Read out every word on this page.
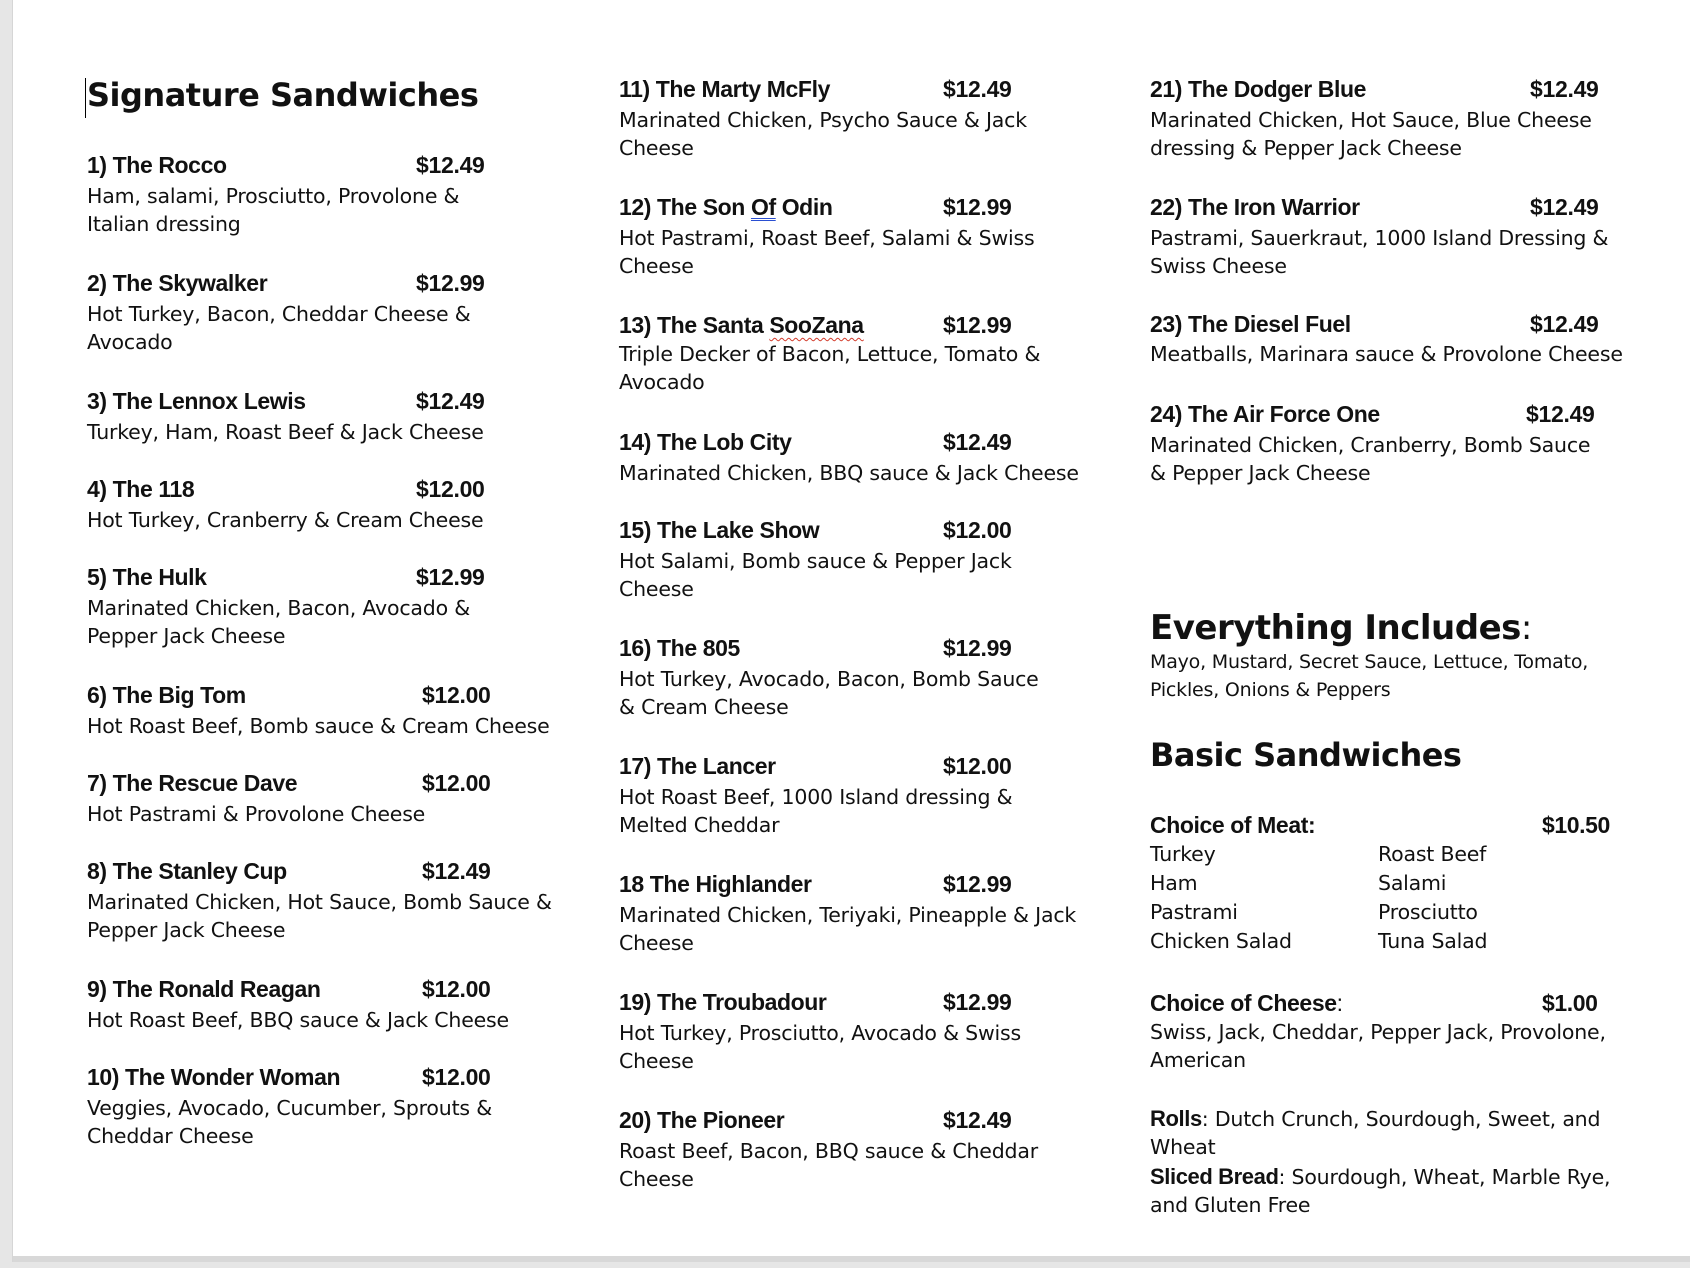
Signature Sandwiches
1) The Rocco	$12.49
Ham, salami, Prosciutto, Provolone & Italian dressing
2) The Skywalker	$12.99
Hot Turkey, Bacon, Cheddar Cheese & Avocado
3) The Lennox Lewis	$12.49
Turkey, Ham, Roast Beef & Jack Cheese
4) The 118	$12.00
Hot Turkey, Cranberry & Cream Cheese
5) The Hulk	$12.99
Marinated Chicken, Bacon, Avocado & Pepper Jack Cheese
6) The Big Tom	$12.00
Hot Roast Beef, Bomb sauce & Cream Cheese
7) The Rescue Dave	$12.00
Hot Pastrami & Provolone Cheese
8) The Stanley Cup	$12.49
Marinated Chicken, Hot Sauce, Bomb Sauce & Pepper Jack Cheese
9) The Ronald Reagan	$12.00
Hot Roast Beef, BBQ sauce & Jack Cheese
10) The Wonder Woman	$12.00
Veggies, Avocado, Cucumber, Sprouts & Cheddar Cheese
11) The Marty McFly	$12.49
Marinated Chicken, Psycho Sauce & Jack Cheese
12) The Son Of Odin	$12.99
Hot Pastrami, Roast Beef, Salami & Swiss Cheese
13) The Santa SooZana	$12.99
Triple Decker of Bacon, Lettuce, Tomato & Avocado
14) The Lob City	$12.49
Marinated Chicken, BBQ sauce & Jack Cheese
15) The Lake Show	$12.00
Hot Salami, Bomb sauce & Pepper Jack Cheese
16) The 805	$12.99
Hot Turkey, Avocado, Bacon, Bomb Sauce & Cream Cheese
17) The Lancer	$12.00
Hot Roast Beef, 1000 Island dressing & Melted Cheddar
18 The Highlander	$12.99
Marinated Chicken, Teriyaki, Pineapple & Jack Cheese
19) The Troubadour	$12.99
Hot Turkey, Prosciutto, Avocado & Swiss Cheese
20) The Pioneer	$12.49
Roast Beef, Bacon, BBQ sauce & Cheddar Cheese
21) The Dodger Blue	$12.49
Marinated Chicken, Hot Sauce, Blue Cheese dressing & Pepper Jack Cheese
22) The Iron Warrior	$12.49
Pastrami, Sauerkraut, 1000 Island Dressing & Swiss Cheese
23) The Diesel Fuel	$12.49
Meatballs, Marinara sauce & Provolone Cheese
24) The Air Force One	$12.49
Marinated Chicken, Cranberry, Bomb Sauce & Pepper Jack Cheese
Everything Includes:
Mayo, Mustard, Secret Sauce, Lettuce, Tomato, Pickles, Onions & Peppers
Basic Sandwiches
Choice of Meat:	$10.50
Turkey	Roast Beef
Ham	Salami
Pastrami	Prosciutto
Chicken Salad	Tuna Salad
Choice of Cheese:	$1.00
Swiss, Jack, Cheddar, Pepper Jack, Provolone, American
Rolls: Dutch Crunch, Sourdough, Sweet, and Wheat
Sliced Bread: Sourdough, Wheat, Marble Rye, and Gluten Free
